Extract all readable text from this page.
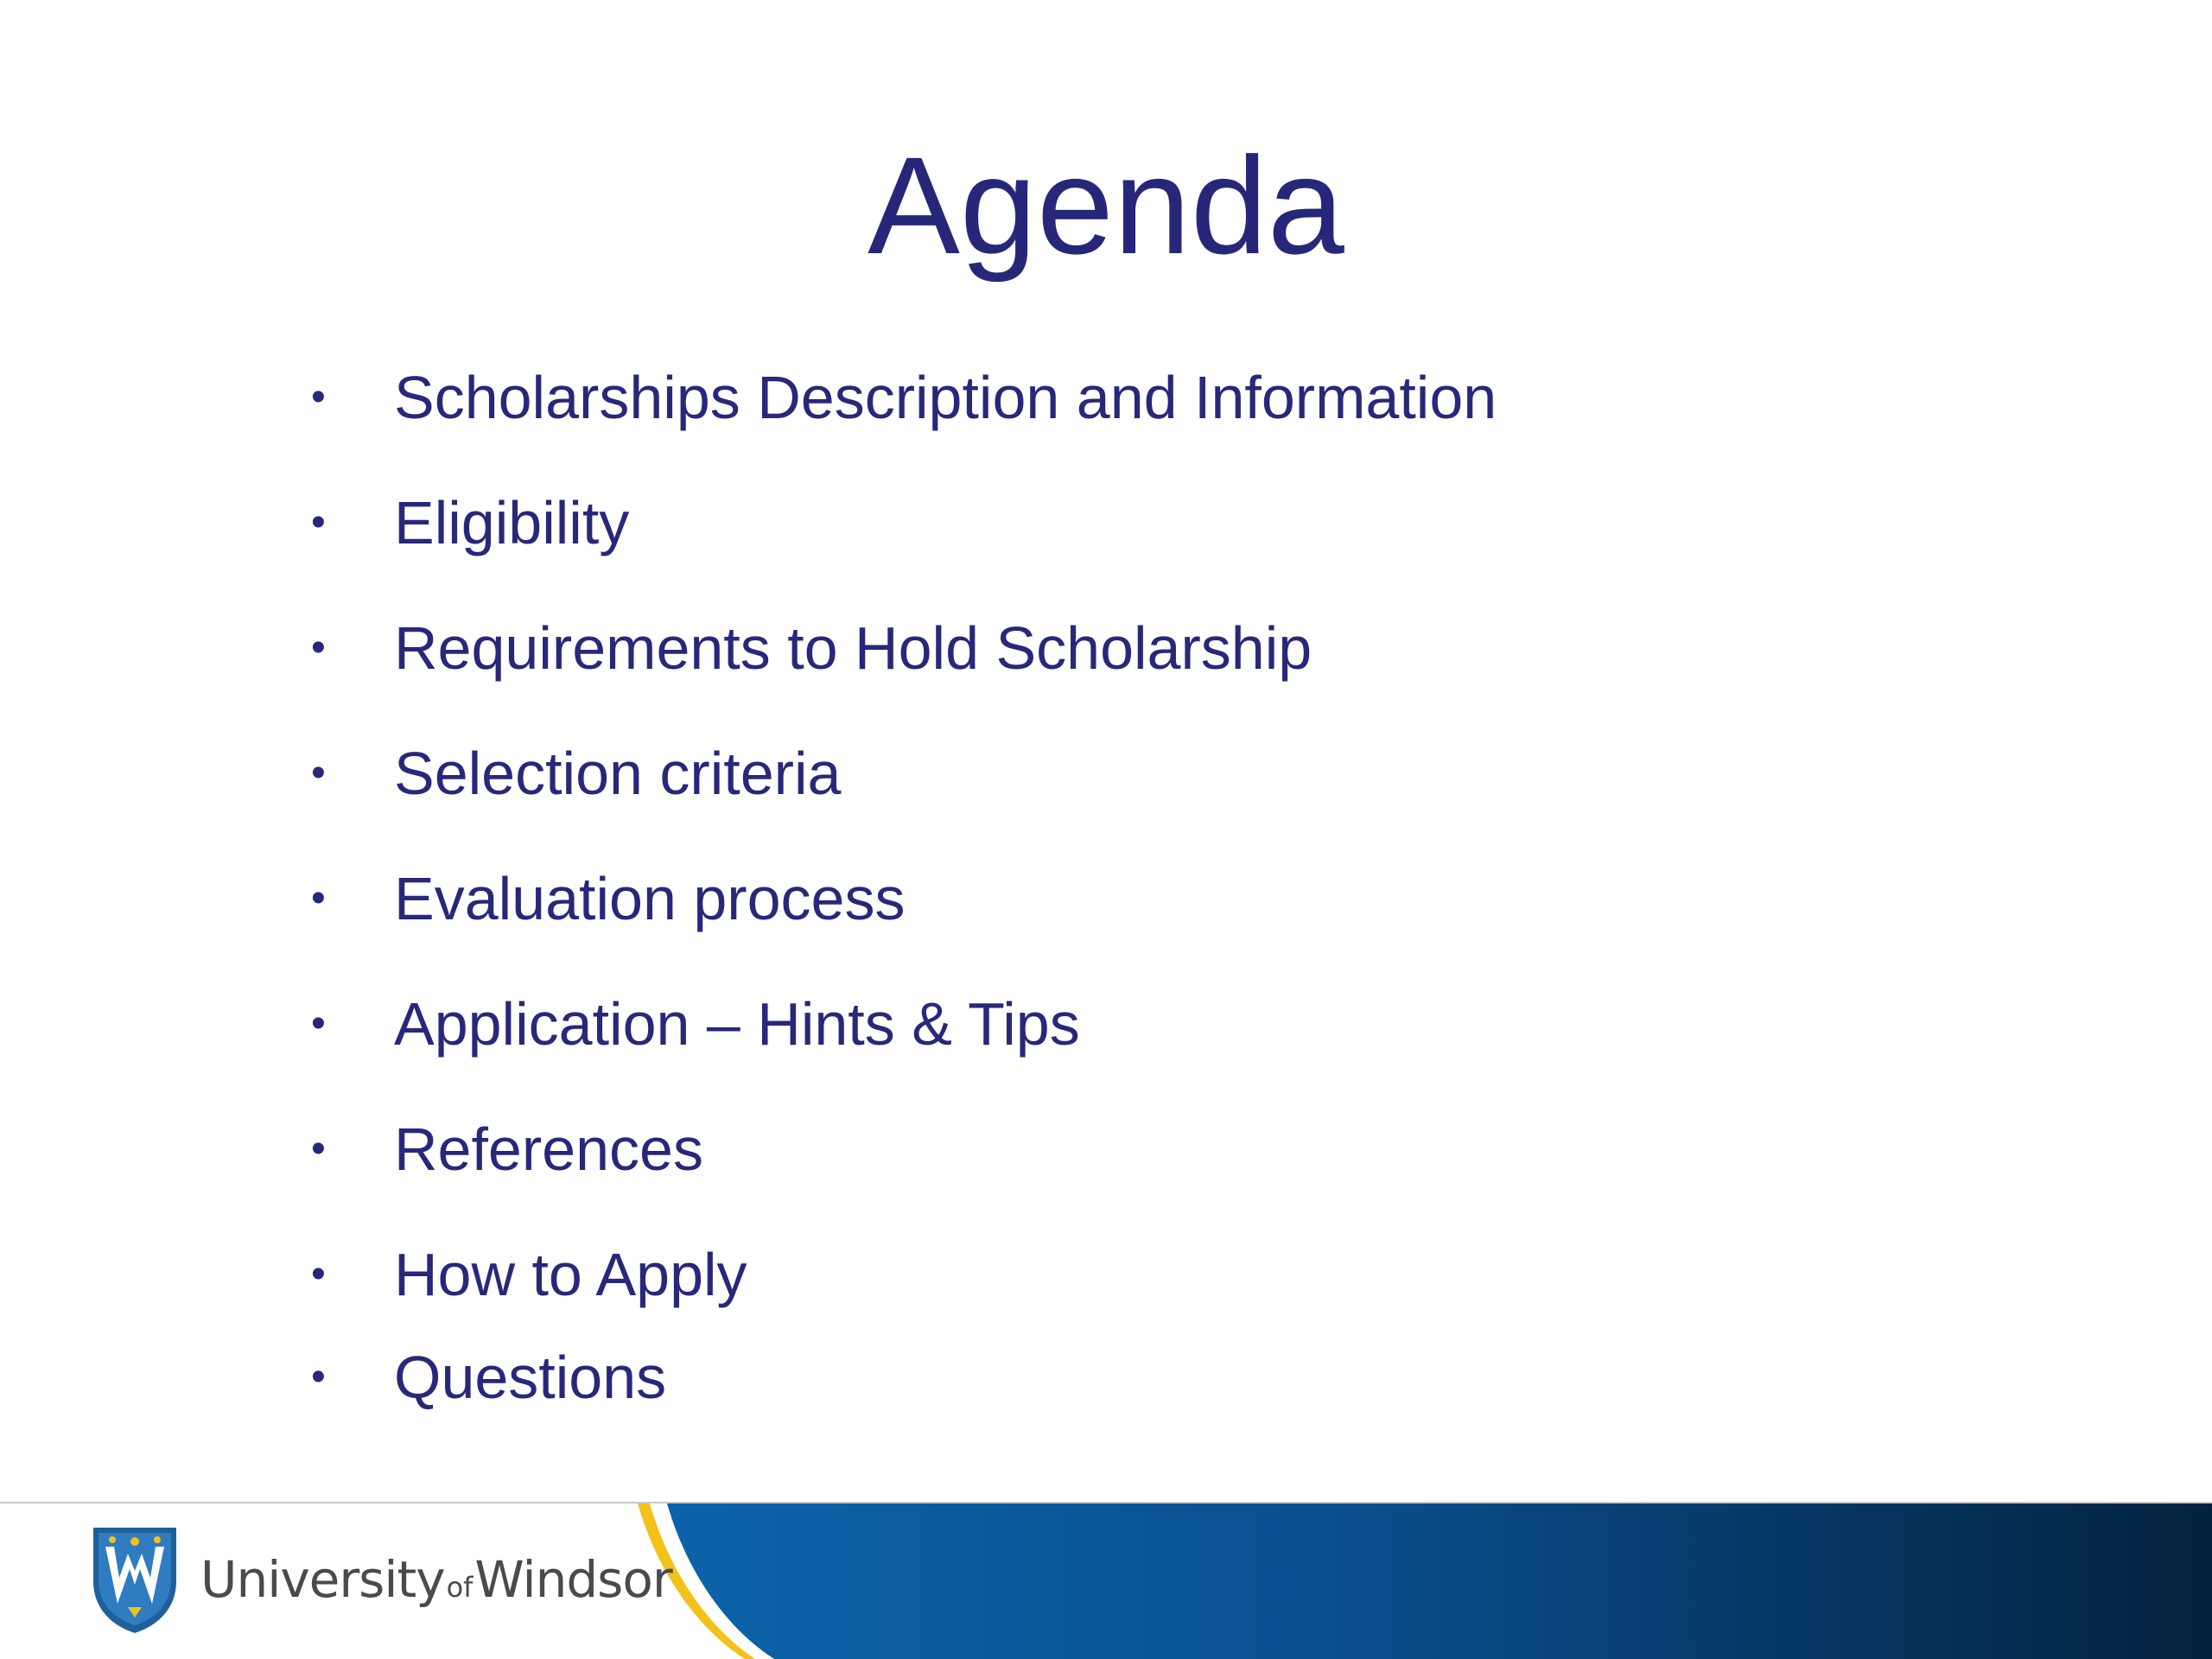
Agenda
•	Scholarships Description and Information
•	Eligibility
•	Requirements to Hold Scholarship
•	Selection criteria
•	Evaluation process
•	Application – Hints & Tips
•	References
•	How to Apply
•	Questions
University of Windsor
